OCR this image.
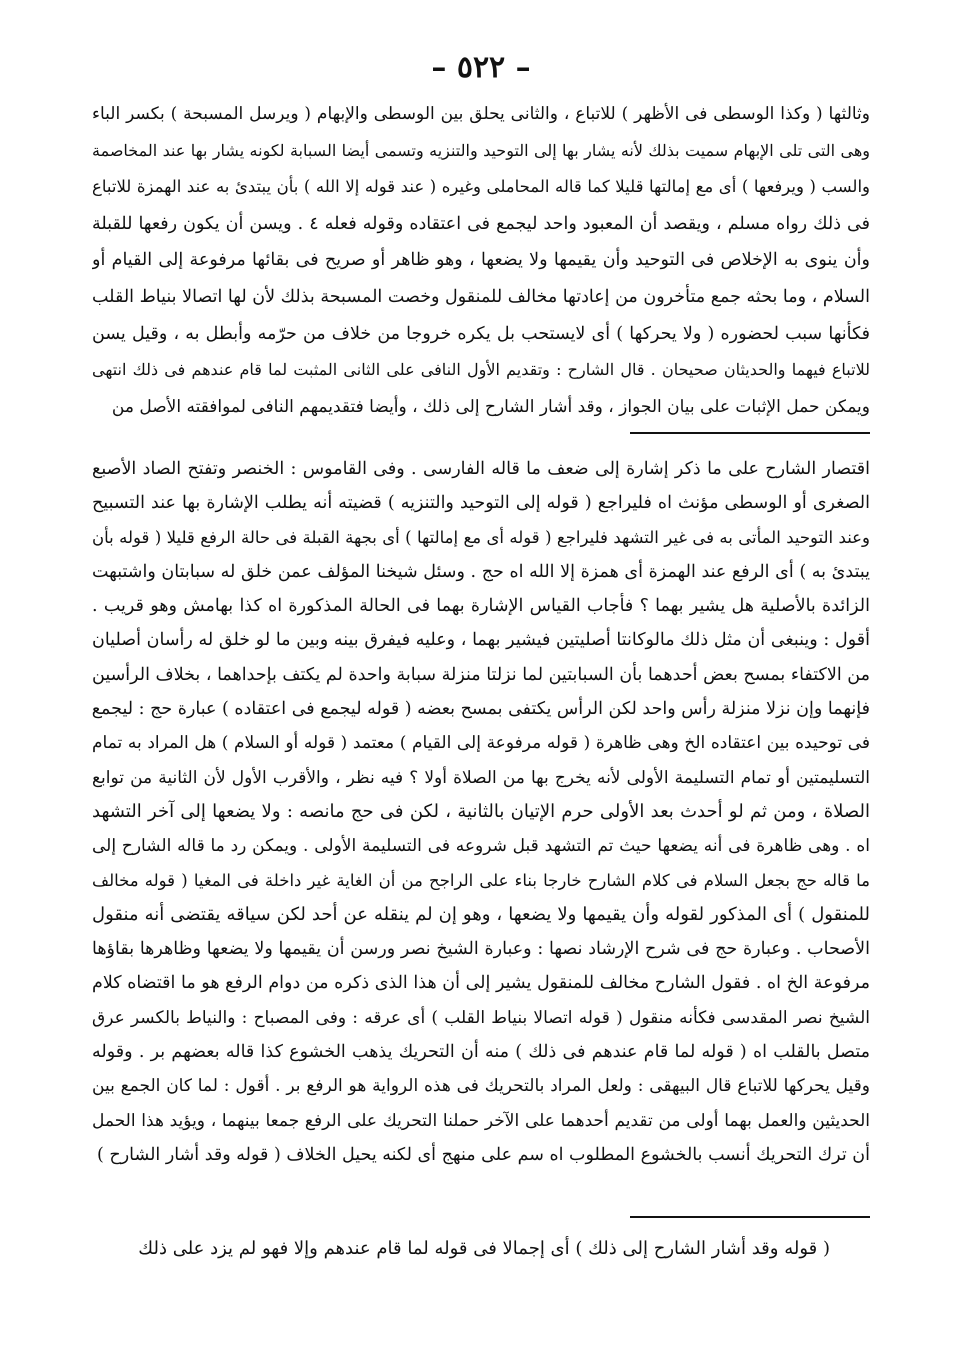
– ٥٢٢ –
وثالثها ( وكذا الوسطى فى الأظهر ) للاتباع ، والثانى يحلق بين الوسطى والإبهام ( ويرسل المسبحة ) بكسر الباء
وهى التى تلى الإبهام سميت بذلك لأنه يشار بها إلى التوحيد والتنزيه وتسمى أيضا السبابة لكونه يشار بها عند المخاصمة
والسب ( ويرفعها ) أى مع إمالتها قليلا كما قاله المحاملى وغيره ( عند قوله إلا الله ) بأن يبتدئ به عند الهمزة للاتباع
فى ذلك رواه مسلم ، ويقصد أن المعبود واحد ليجمع فى اعتقاده وقوله فعله ٤ . ويسن أن يكون رفعها للقبلة
وأن ينوى به الإخلاص فى التوحيد وأن يقيمها ولا يضعها ، وهو ظاهر أو صريح فى بقائها مرفوعة إلى القيام أو
السلام ، وما بحثه جمع متأخرون من إعادتها مخالف للمنقول وخصت المسبحة بذلك لأن لها اتصالا بنياط القلب
فكأنها سبب لحضوره ( ولا يحركها ) أى لايستحب بل يكره خروجا من خلاف من حرّمه وأبطل به ، وقيل يسن
للاتباع فيهما والحديثان صحيحان . قال الشارح : وتقديم الأول النافى على الثانى المثبت لما قام عندهم فى ذلك انتهى
ويمكن حمل الإثبات على بيان الجواز ، وقد أشار الشارح إلى ذلك ، وأيضا فتقديمهم النافى لموافقته الأصل من
اقتصار الشارح على ما ذكر إشارة إلى ضعف ما قاله الفارسى . وفى القاموس : الخنصر وتفتح الصاد الأصبع
الصغرى أو الوسطى مؤنث اه فليراجع ( قوله إلى التوحيد والتنزيه ) قضيته أنه يطلب الإشارة بها عند التسبيح
وعند التوحيد المأتى به فى غير التشهد فليراجع ( قوله أى مع إمالتها ) أى بجهة القبلة فى حالة الرفع قليلا ( قوله بأن
يبتدئ به ) أى الرفع عند الهمزة أى همزة إلا الله اه حج . وسئل شيخنا المؤلف عمن خلق له سبابتان واشتبهت
الزائدة بالأصلية هل يشير بهما ؟ فأجاب القياس الإشارة بهما فى الحالة المذكورة اه كذا بهامش وهو قريب .
أقول : وينبغى أن مثل ذلك مالوكانتا أصليتين فيشير بهما ، وعليه فيفرق بينه وبين ما لو خلق له رأسان أصليان
من الاكتفاء بمسح بعض أحدهما بأن السبابتين لما نزلتا منزلة سبابة واحدة لم يكتف بإحداهما ، بخلاف الرأسين
فإنهما وإن نزلا منزلة رأس واحد لكن الرأس يكتفى بمسح بعضه ( قوله ليجمع فى اعتقاده ) عبارة حج : ليجمع
فى توحيده بين اعتقاده الخ وهى ظاهرة ( قوله مرفوعة إلى القيام ) معتمد ( قوله أو السلام ) هل المراد به تمام
التسليمتين أو تمام التسليمة الأولى لأنه يخرج بها من الصلاة أولا ؟ فيه نظر ، والأقرب الأول لأن الثانية من توابع
الصلاة ، ومن ثم لو أحدث بعد الأولى حرم الإتيان بالثانية ، لكن فى حج مانصه : ولا يضعها إلى آخر التشهد
اه . وهى ظاهرة فى أنه يضعها حيث تم التشهد قبل شروعه فى التسليمة الأولى . ويمكن رد ما قاله الشارح إلى
ما قاله حج بجعل السلام فى كلام الشارح خارجا بناء على الراجح من أن الغاية غير داخلة فى المغيا ( قوله مخالف
للمنقول ) أى المذكور لقوله وأن يقيمها ولا يضعها ، وهو إن لم ينقله عن أحد لكن سياقه يقتضى أنه منقول
الأصحاب . وعبارة حج فى شرح الإرشاد نصها : وعبارة الشيخ نصر ورسن أن يقيمها ولا يضعها وظاهرها بقاؤها
مرفوعة الخ اه . فقول الشارح مخالف للمنقول يشير إلى أن هذا الذى ذكره من دوام الرفع هو ما اقتضاه كلام
الشيخ نصر المقدسى فكأنه منقول ( قوله اتصالا بنياط القلب ) أى عرقه : وفى المصباح : والنياط بالكسر عرق
متصل بالقلب اه ( قوله لما قام عندهم فى ذلك ) منه أن التحريك يذهب الخشوع كذا قاله بعضهم بر . وقوله
وقيل يحركها للاتباع قال البيهقى : ولعل المراد بالتحريك فى هذه الرواية هو الرفع بر . أقول : لما كان الجمع بين
الحديثين والعمل بهما أولى من تقديم أحدهما على الآخر حملنا التحريك على الرفع جمعا بينهما ، ويؤيد هذا الحمل
أن ترك التحريك أنسب بالخشوع المطلوب اه سم على منهج أى لكنه يحيل الخلاف ( قوله وقد أشار الشارح )
( قوله وقد أشار الشارح إلى ذلك ) أى إجمالا فى قوله لما قام عندهم وإلا فهو لم يزد على ذلك
